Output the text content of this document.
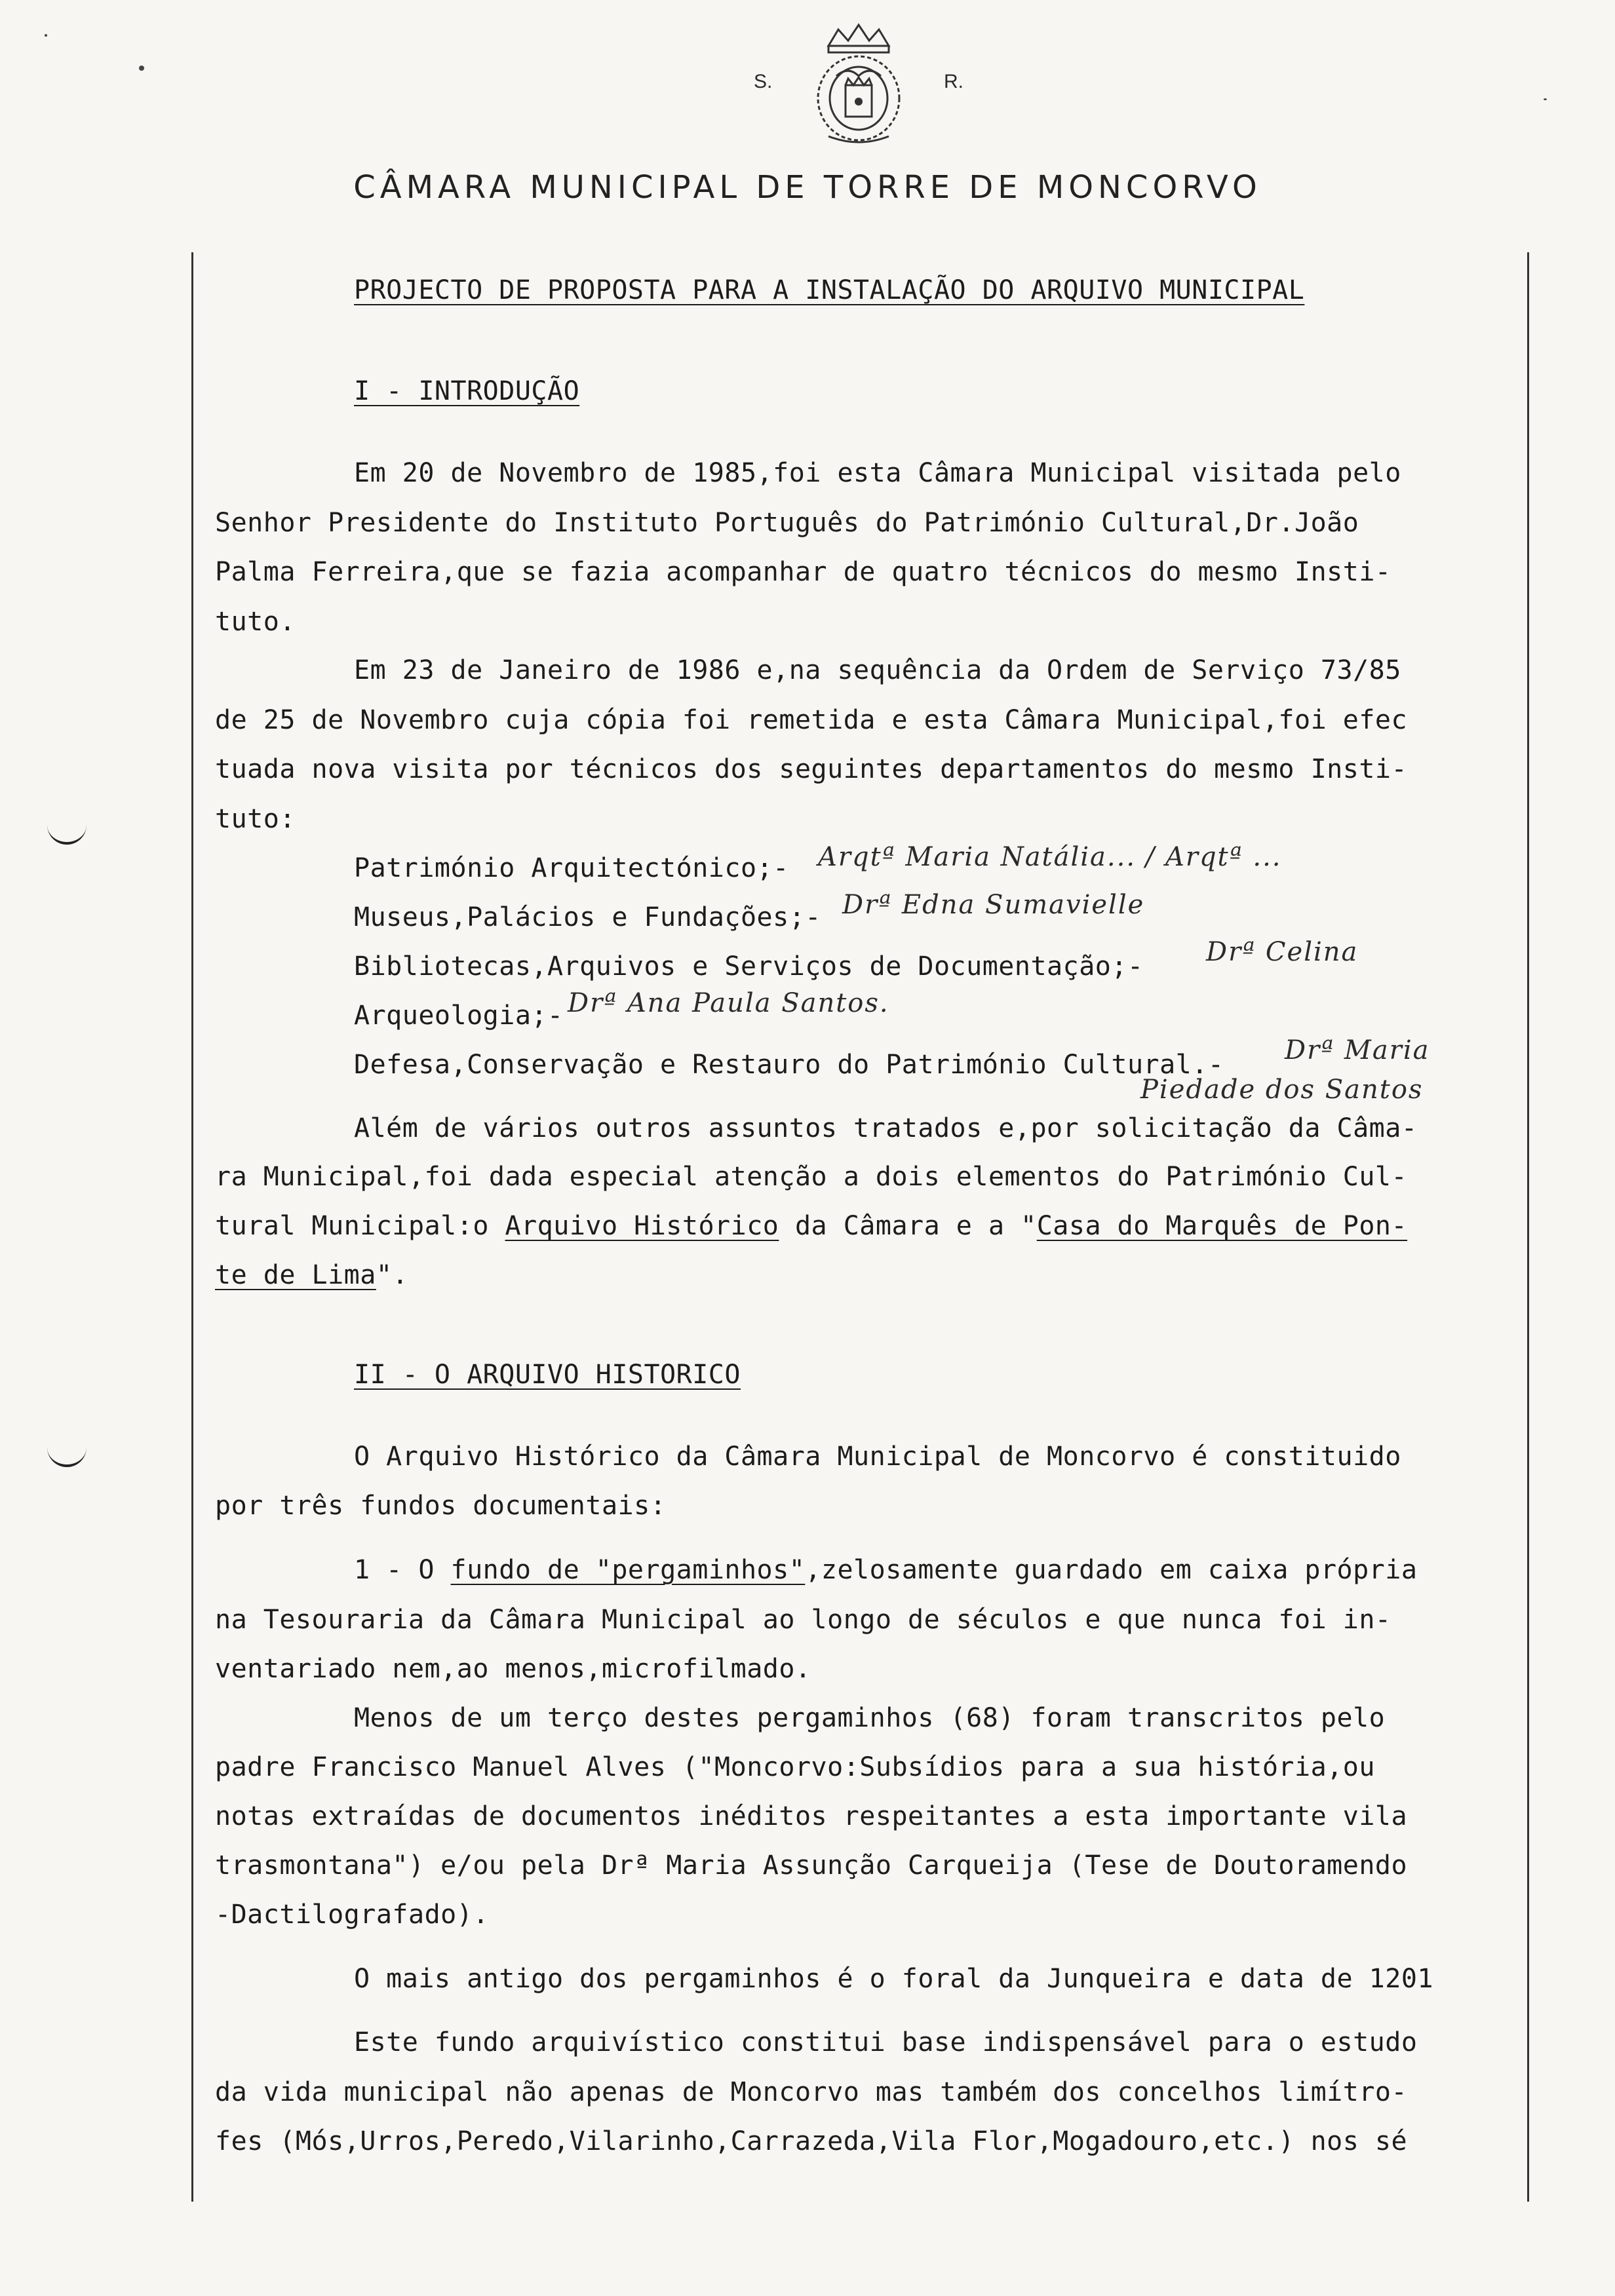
S.	R.
CÂMARA MUNICIPAL DE TORRE DE MONCORVO
PROJECTO DE PROPOSTA PARA A INSTALAÇÃO DO ARQUIVO MUNICIPAL
I - INTRODUÇÃO
Em 20 de Novembro de 1985,foi esta Câmara Municipal visitada pelo
Senhor Presidente do Instituto Português do Património Cultural,Dr.João
Palma Ferreira,que se fazia acompanhar de quatro técnicos do mesmo Insti-
tuto.
Em 23 de Janeiro de 1986 e,na sequência da Ordem de Serviço 73/85
de 25 de Novembro cuja cópia foi remetida e esta Câmara Municipal,foi efec
tuada nova visita por técnicos dos seguintes departamentos do mesmo Insti-
tuto:
Património Arquitectónico;- Arqtª Maria Natália... / Arqtª ...
Museus,Palácios e Fundações;- Drª Edna Sumavielle
Bibliotecas,Arquivos e Serviços de Documentação;- Drª Celina
Arqueologia;- Drª Ana Paula Santos.
Defesa,Conservação e Restauro do Património Cultural.- Drª Maria
Piedade dos Santos
Além de vários outros assuntos tratados e,por solicitação da Câma-
ra Municipal,foi dada especial atenção a dois elementos do Património Cul-
tural Municipal:o Arquivo Histórico da Câmara e a "Casa do Marquês de Pon-
te de Lima".
II - O ARQUIVO HISTORICO
O Arquivo Histórico da Câmara Municipal de Moncorvo é constituido
por três fundos documentais:
1 - O fundo de "pergaminhos",zelosamente guardado em caixa própria
na Tesouraria da Câmara Municipal ao longo de séculos e que nunca foi in-
ventariado nem,ao menos,microfilmado.
Menos de um terço destes pergaminhos (68) foram transcritos pelo
padre Francisco Manuel Alves ("Moncorvo:Subsídios para a sua história,ou
notas extraídas de documentos inéditos respeitantes a esta importante vila
trasmontana") e/ou pela Drª Maria Assunção Carqueija (Tese de Doutoramendo
-Dactilografado).
O mais antigo dos pergaminhos é o foral da Junqueira e data de 1201
Este fundo arquivístico constitui base indispensável para o estudo
da vida municipal não apenas de Moncorvo mas também dos concelhos limítro-
fes (Mós,Urros,Peredo,Vilarinho,Carrazeda,Vila Flor,Mogadouro,etc.) nos sé
